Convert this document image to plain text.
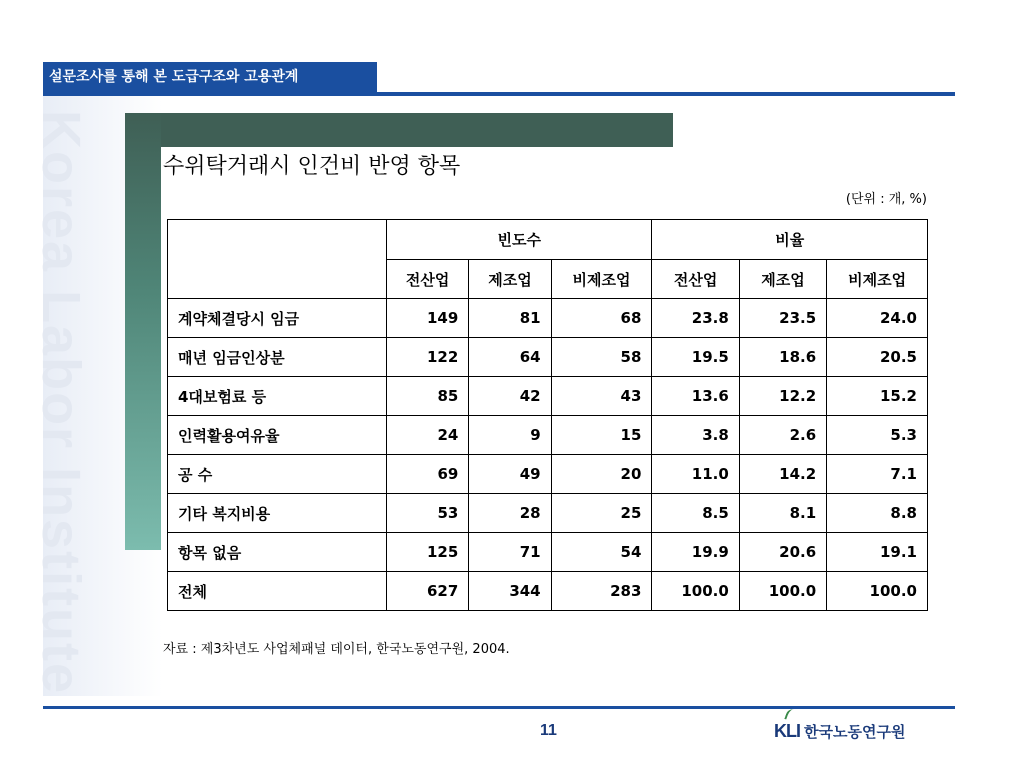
설문조사를 통해 본 도급구조와 고용관계
Korea Labor Institute	수위탁거래시 인건비 반영 항목
(단위 : 개, %)
	빈도수			비율		
	전산업	제조업	비제조업	전산업	제조업	비제조업
계약체결당시 임금	149	81	68	23.8	23.5	24.0
매년 임금인상분	122	64	58	19.5	18.6	20.5
4대보험료 등	85	42	43	13.6	12.2	15.2
인력활용여유율	24	9	15	3.8	2.6	5.3
공 수	69	49	20	11.0	14.2	7.1
기타 복지비용	53	28	25	8.5	8.1	8.8
항목 없음	125	71	54	19.9	20.6	19.1
전체	627	344	283	100.0	100.0	100.0
자료 : 제3차년도 사업체패널 데이터, 한국노동연구원, 2004.
11	KLI 한국노동연구원
